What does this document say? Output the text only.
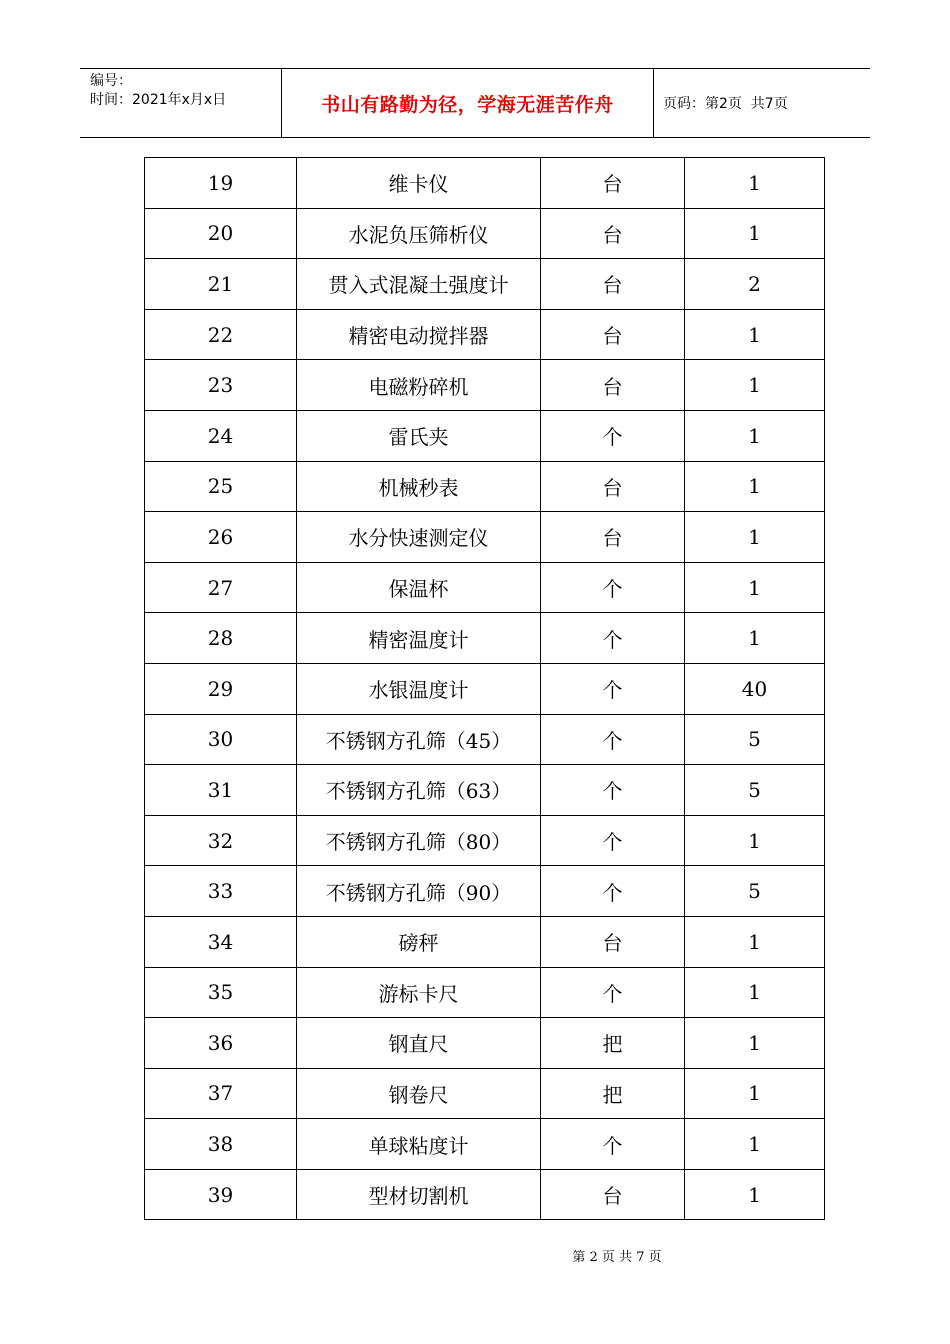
编号：
时间：2021年x月x日	书山有路勤为径，学海无涯苦作舟	页码：第2页  共7页
19	维卡仪	台	1
20	水泥负压筛析仪	台	1
21	贯入式混凝土强度计	台	2
22	精密电动搅拌器	台	1
23	电磁粉碎机	台	1
24	雷氏夹	个	1
25	机械秒表	台	1
26	水分快速测定仪	台	1
27	保温杯	个	1
28	精密温度计	个	1
29	水银温度计	个	40
30	不锈钢方孔筛（45）	个	5
31	不锈钢方孔筛（63）	个	5
32	不锈钢方孔筛（80）	个	1
33	不锈钢方孔筛（90）	个	5
34	磅秤	台	1
35	游标卡尺	个	1
36	钢直尺	把	1
37	钢卷尺	把	1
38	单球粘度计	个	1
39	型材切割机	台	1
第 2 页 共 7 页
